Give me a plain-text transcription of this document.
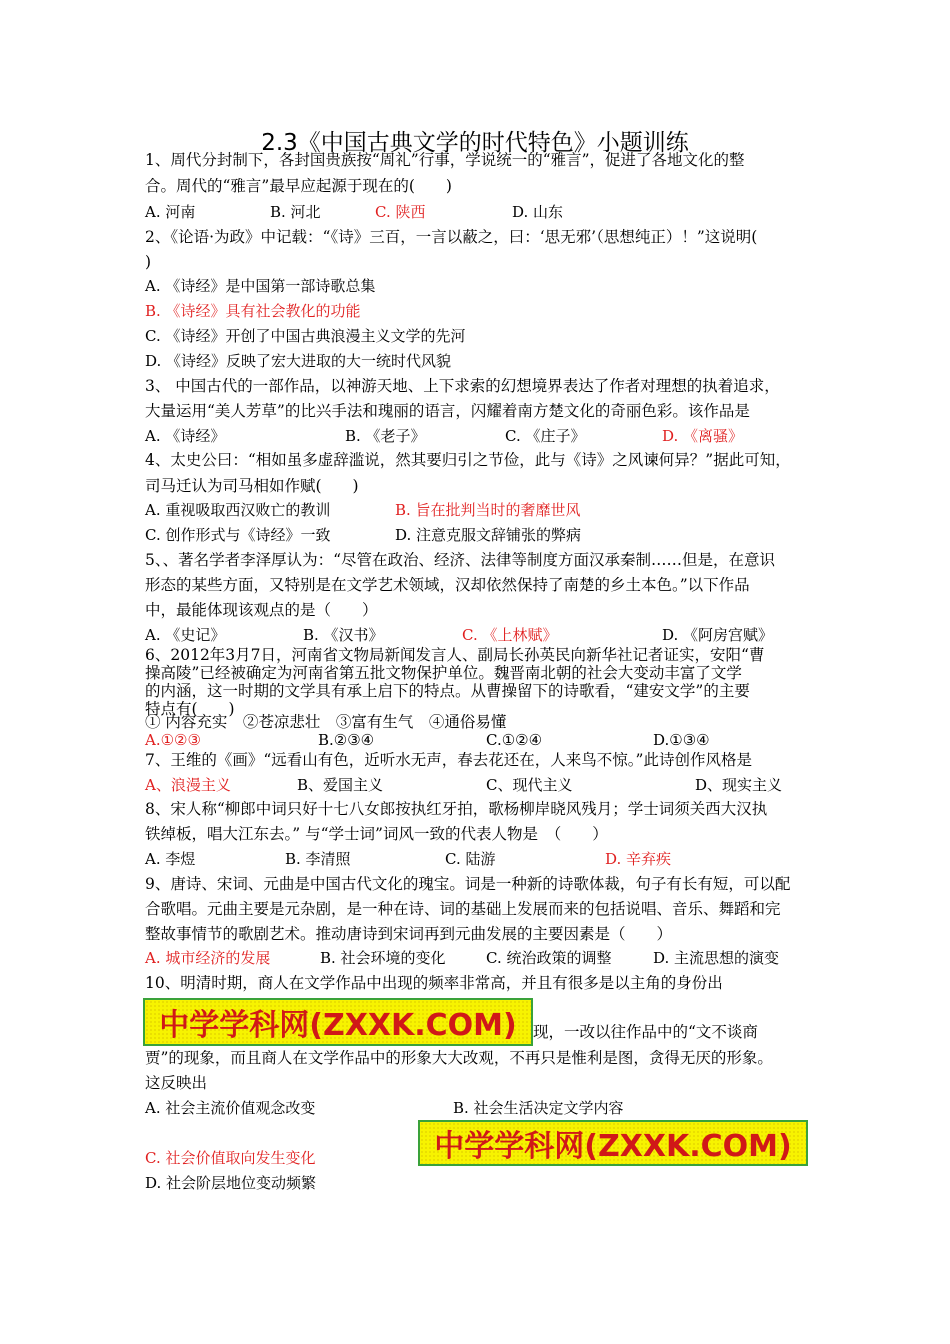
2.3《中国古典文学的时代特色》小题训练
1、周代分封制下，各封国贵族按“周礼”行事，学说统一的“雅言”，促进了各地文化的整
合。周代的“雅言”最早应起源于现在的(　　)
A. 河南	B. 河北	C. 陕西	D. 山东
2、《论语·为政》中记载：“《诗》三百，一言以蔽之，曰：‘思无邪’（思想纯正）！”这说明(
)
A. 《诗经》是中国第一部诗歌总集
B. 《诗经》具有社会教化的功能
C. 《诗经》开创了中国古典浪漫主义文学的先河
D. 《诗经》反映了宏大进取的大一统时代风貌
3、 中国古代的一部作品，以神游天地、上下求索的幻想境界表达了作者对理想的执着追求，
大量运用“美人芳草”的比兴手法和瑰丽的语言，闪耀着南方楚文化的奇丽色彩。该作品是
A. 《诗经》	B. 《老子》	C. 《庄子》	D. 《离骚》
4、太史公曰：“相如虽多虚辞滥说，然其要归引之节俭，此与《诗》之风谏何异？”据此可知，
司马迁认为司马相如作赋(　　)
A. 重视吸取西汉败亡的教训	B. 旨在批判当时的奢靡世风
C. 创作形式与《诗经》一致	D. 注意克服文辞铺张的弊病
5、、著名学者李泽厚认为：“尽管在政治、经济、法律等制度方面汉承秦制……但是，在意识
形态的某些方面，又特别是在文学艺术领域，汉却依然保持了南楚的乡土本色。”以下作品
中，最能体现该观点的是（　　）
A. 《史记》	B. 《汉书》	C. 《上林赋》	D. 《阿房宫赋》
6、2012年3月7日，河南省文物局新闻发言人、副局长孙英民向新华社记者证实，安阳“曹
操高陵”已经被确定为河南省第五批文物保护单位。魏晋南北朝的社会大变动丰富了文学
的内涵，这一时期的文学具有承上启下的特点。从曹操留下的诗歌看，“建安文学”的主要
特点有(　　)
① 内容充实　②苍凉悲壮　③富有生气　④通俗易懂
A.①②③	B.②③④	C.①②④	D.①③④
7、王维的《画》“远看山有色，近听水无声，春去花还在，人来鸟不惊。”此诗创作风格是
A、浪漫主义	B、爱国主义	C、现代主义	D、现实主义
8、宋人称“柳郎中词只好十七八女郎按执红牙拍，歌杨柳岸晓风残月；学士词须关西大汉执
铁绰板，唱大江东去。” 与“学士词”词风一致的代表人物是　（　　）
A. 李煜	B. 李清照	C. 陆游	D. 辛弃疾
9、唐诗、宋词、元曲是中国古代文化的瑰宝。词是一种新的诗歌体裁，句子有长有短，可以配
合歌唱。元曲主要是元杂剧，是一种在诗、词的基础上发展而来的包括说唱、音乐、舞蹈和完
整故事情节的歌剧艺术。推动唐诗到宋词再到元曲发展的主要因素是（　　）
A. 城市经济的发展	B. 社会环境的变化	C. 统治政策的调整	D. 主流思想的演变
10、明清时期，商人在文学作品中出现的频率非常高，并且有很多是以主角的身份出
中学学科网(ZXXK.COM)	现，一改以往作品中的“文不谈商
贾”的现象，而且商人在文学作品中的形象大大改观，不再只是惟利是图，贪得无厌的形象。
这反映出
A. 社会主流价值观念改变	B. 社会生活决定文学内容
中学学科网(ZXXK.COM)
C. 社会价值取向发生变化
D. 社会阶层地位变动频繁
